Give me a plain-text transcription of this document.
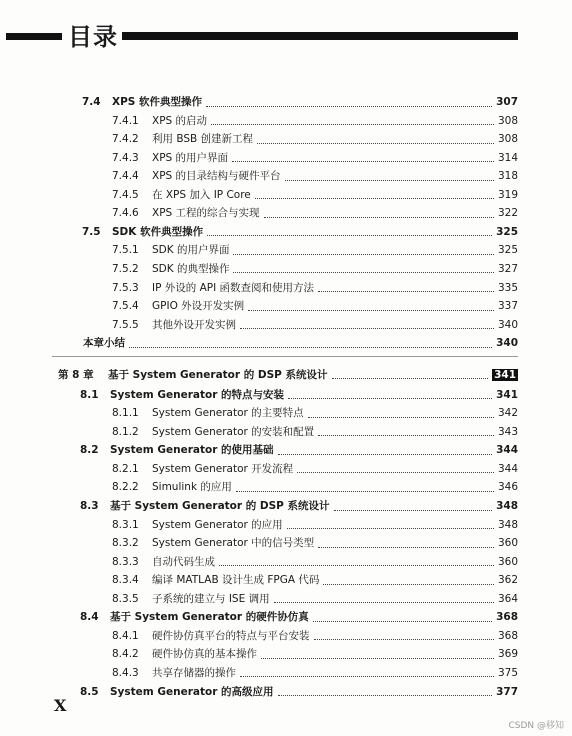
目录
7.4	XPS 软件典型操作	307
7.4.1	XPS 的启动	308
7.4.2	利用 BSB 创建新工程	308
7.4.3	XPS 的用户界面	314
7.4.4	XPS 的目录结构与硬件平台	318
7.4.5	在 XPS 加入 IP Core	319
7.4.6	XPS 工程的综合与实现	322
7.5	SDK 软件典型操作	325
7.5.1	SDK 的用户界面	325
7.5.2	SDK 的典型操作	327
7.5.3	IP 外设的 API 函数查阅和使用方法	335
7.5.4	GPIO 外设开发实例	337
7.5.5	其他外设开发实例	340
本章小结	340
第 8 章	基于 System Generator 的 DSP 系统设计	341
8.1	System Generator 的特点与安装	341
8.1.1	System Generator 的主要特点	342
8.1.2	System Generator 的安装和配置	343
8.2	System Generator 的使用基础	344
8.2.1	System Generator 开发流程	344
8.2.2	Simulink 的应用	346
8.3	基于 System Generator 的 DSP 系统设计	348
8.3.1	System Generator 的应用	348
8.3.2	System Generator 中的信号类型	360
8.3.3	自动代码生成	360
8.3.4	编译 MATLAB 设计生成 FPGA 代码	362
8.3.5	子系统的建立与 ISE 调用	364
8.4	基于 System Generator 的硬件协仿真	368
8.4.1	硬件协仿真平台的特点与平台安装	368
8.4.2	硬件协仿真的基本操作	369
8.4.3	共享存储器的操作	375
8.5	System Generator 的高级应用	377
X
CSDN @移知
